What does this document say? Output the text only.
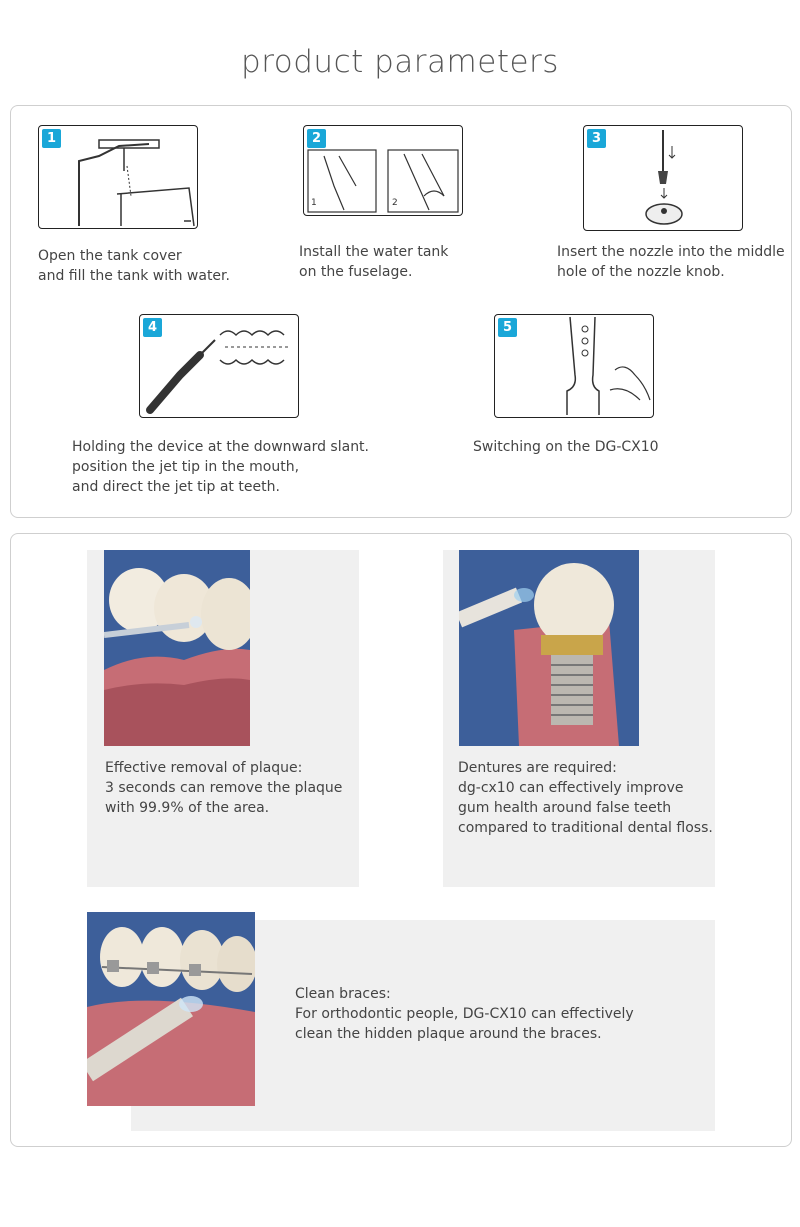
product parameters
1
Open the tank cover
and fill the tank with water.
2
1	2
Install the water tank
on the fuselage.
3
Insert the nozzle into the middle
hole of the nozzle knob.
4
Holding the device at the downward slant.
position the jet tip in the mouth,
and direct the jet tip at teeth.
5
Switching on the DG-CX10
Effective removal of plaque:
3 seconds can remove the plaque
with 99.9% of the area.
Dentures are required:
dg-cx10 can effectively improve
gum health around false teeth
compared to traditional dental floss.
Clean braces:
For orthodontic people, DG-CX10 can effectively
clean the hidden plaque around the braces.
